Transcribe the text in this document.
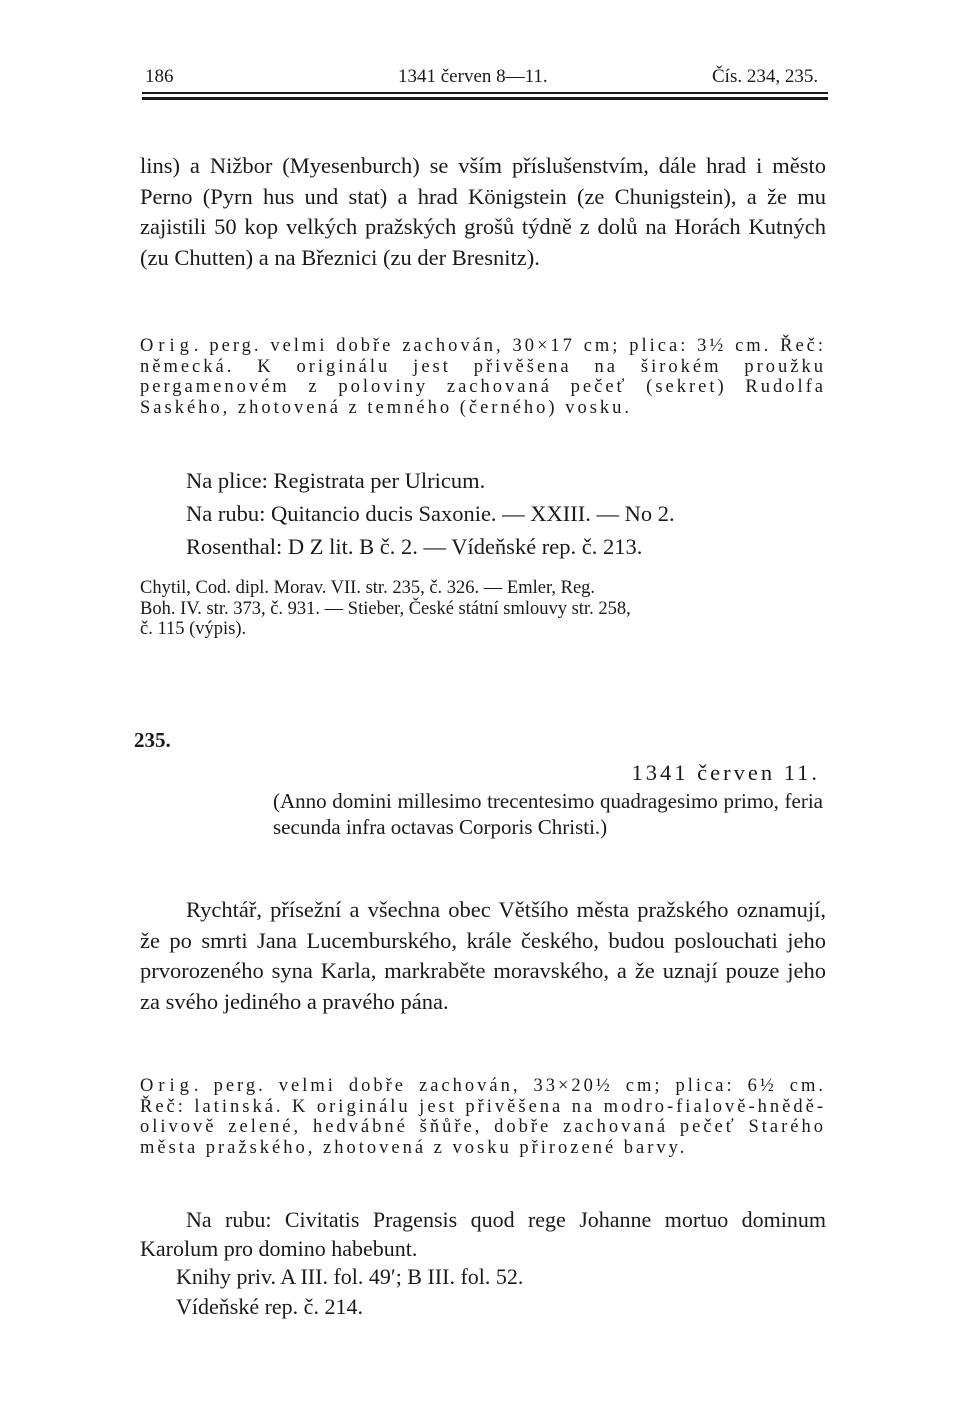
186	1341 červen 8—11.	Čís. 234, 235.

lins) a Nižbor (Myesenburch) se vším příslušenstvím, dále hrad i město Perno (Pyrn hus und stat) a hrad Königstein (ze Chunigstein), a že mu zajistili 50 kop velkých pražských grošů týdně z dolů na Horách Kutných (zu Chutten) a na Březnici (zu der Bresnitz).

Orig. perg. velmi dobře zachován, 30×17 cm; plica: 3½ cm. Řeč: německá. K originálu jest přivěšena na širokém proužku pergamenovém z poloviny zachovaná pečeť (sekret) Rudolfa Saského, zhotovená z temného (černého) vosku.

Na plice: Registrata per Ulricum.

Na rubu: Quitancio ducis Saxonie. — XXIII. — No 2.

Rosenthal: D Z lit. B č. 2. — Vídeňské rep. č. 213.

Chytil, Cod. dipl. Morav. VII. str. 235, č. 326. — Emler, Reg.
Boh. IV. str. 373, č. 931. — Stieber, České státní smlouvy str. 258,
č. 115 (výpis).

235.

1341 červen 11.

(Anno domini millesimo trecentesimo quadragesimo primo, feria secunda infra octavas Corporis Christi.)

Rychtář, přísežní a všechna obec Většího města pražského oznamují, že po smrti Jana Lucemburského, krále českého, budou poslouchati jeho prvorozeného syna Karla, markraběte moravského, a že uznají pouze jeho za svého jediného a pravého pána.

Orig. perg. velmi dobře zachován, 33×20½ cm; plica: 6½ cm. Řeč: latinská. K originálu jest přivěšena na modro-fialově-hnědě-olivově zelené, hedvábné šňůře, dobře zachovaná pečeť Starého města pražského, zhotovená z vosku přirozené barvy.

Na rubu: Civitatis Pragensis quod rege Johanne mortuo dominum Karolum pro domino habebunt.

Knihy priv. A III. fol. 49′; B III. fol. 52.

Vídeňské rep. č. 214.
